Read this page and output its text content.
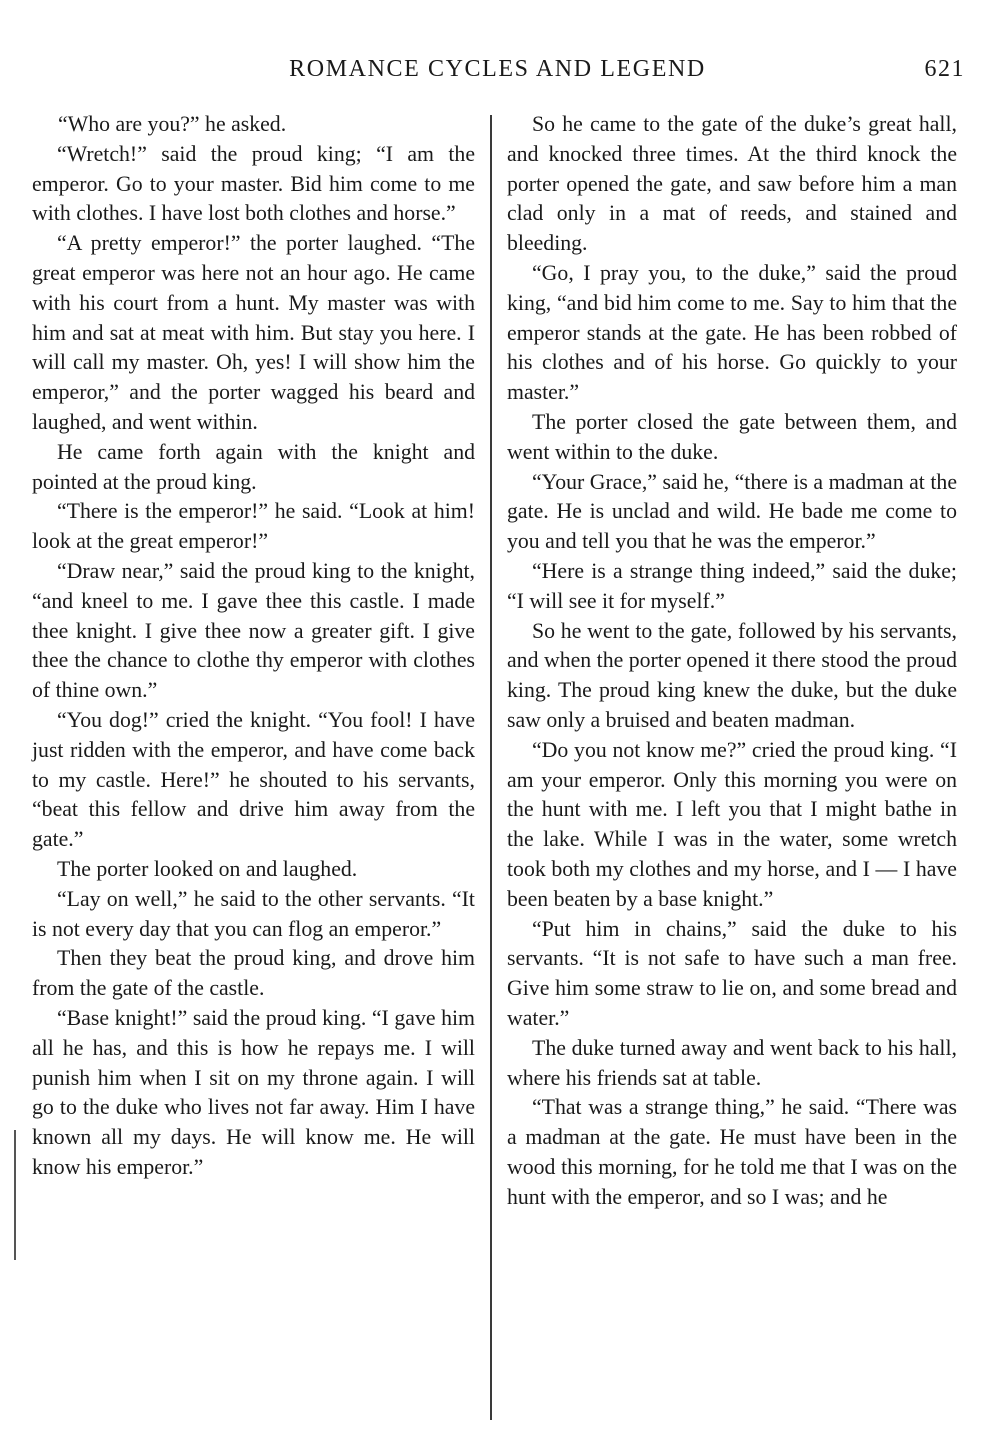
ROMANCE CYCLES AND LEGEND	621

“Who are you?” he asked.

“Wretch!” said the proud king; “I am the emperor. Go to your master. Bid him come to me with clothes. I have lost both clothes and horse.”

“A pretty emperor!” the porter laughed. “The great emperor was here not an hour ago. He came with his court from a hunt. My master was with him and sat at meat with him. But stay you here. I will call my master. Oh, yes! I will show him the emperor,” and the porter wagged his beard and laughed, and went within.

He came forth again with the knight and pointed at the proud king.

“There is the emperor!” he said. “Look at him! look at the great emperor!”

“Draw near,” said the proud king to the knight, “and kneel to me. I gave thee this castle. I made thee knight. I give thee now a greater gift. I give thee the chance to clothe thy emperor with clothes of thine own.”

“You dog!” cried the knight. “You fool! I have just ridden with the emperor, and have come back to my castle. Here!” he shouted to his servants, “beat this fellow and drive him away from the gate.”

The porter looked on and laughed.

“Lay on well,” he said to the other servants. “It is not every day that you can flog an emperor.”

Then they beat the proud king, and drove him from the gate of the castle.

“Base knight!” said the proud king. “I gave him all he has, and this is how he repays me. I will punish him when I sit on my throne again. I will go to the duke who lives not far away. Him I have known all my days. He will know me. He will know his emperor.”

So he came to the gate of the duke’s great hall, and knocked three times. At the third knock the porter opened the gate, and saw before him a man clad only in a mat of reeds, and stained and bleeding.

“Go, I pray you, to the duke,” said the proud king, “and bid him come to me. Say to him that the emperor stands at the gate. He has been robbed of his clothes and of his horse. Go quickly to your master.”

The porter closed the gate between them, and went within to the duke.

“Your Grace,” said he, “there is a madman at the gate. He is unclad and wild. He bade me come to you and tell you that he was the emperor.”

“Here is a strange thing indeed,” said the duke; “I will see it for myself.”

So he went to the gate, followed by his servants, and when the porter opened it there stood the proud king. The proud king knew the duke, but the duke saw only a bruised and beaten madman.

“Do you not know me?” cried the proud king. “I am your emperor. Only this morning you were on the hunt with me. I left you that I might bathe in the lake. While I was in the water, some wretch took both my clothes and my horse, and I — I have been beaten by a base knight.”

“Put him in chains,” said the duke to his servants. “It is not safe to have such a man free. Give him some straw to lie on, and some bread and water.”

The duke turned away and went back to his hall, where his friends sat at table.

“That was a strange thing,” he said. “There was a madman at the gate. He must have been in the wood this morning, for he told me that I was on the hunt with the emperor, and so I was; and he
